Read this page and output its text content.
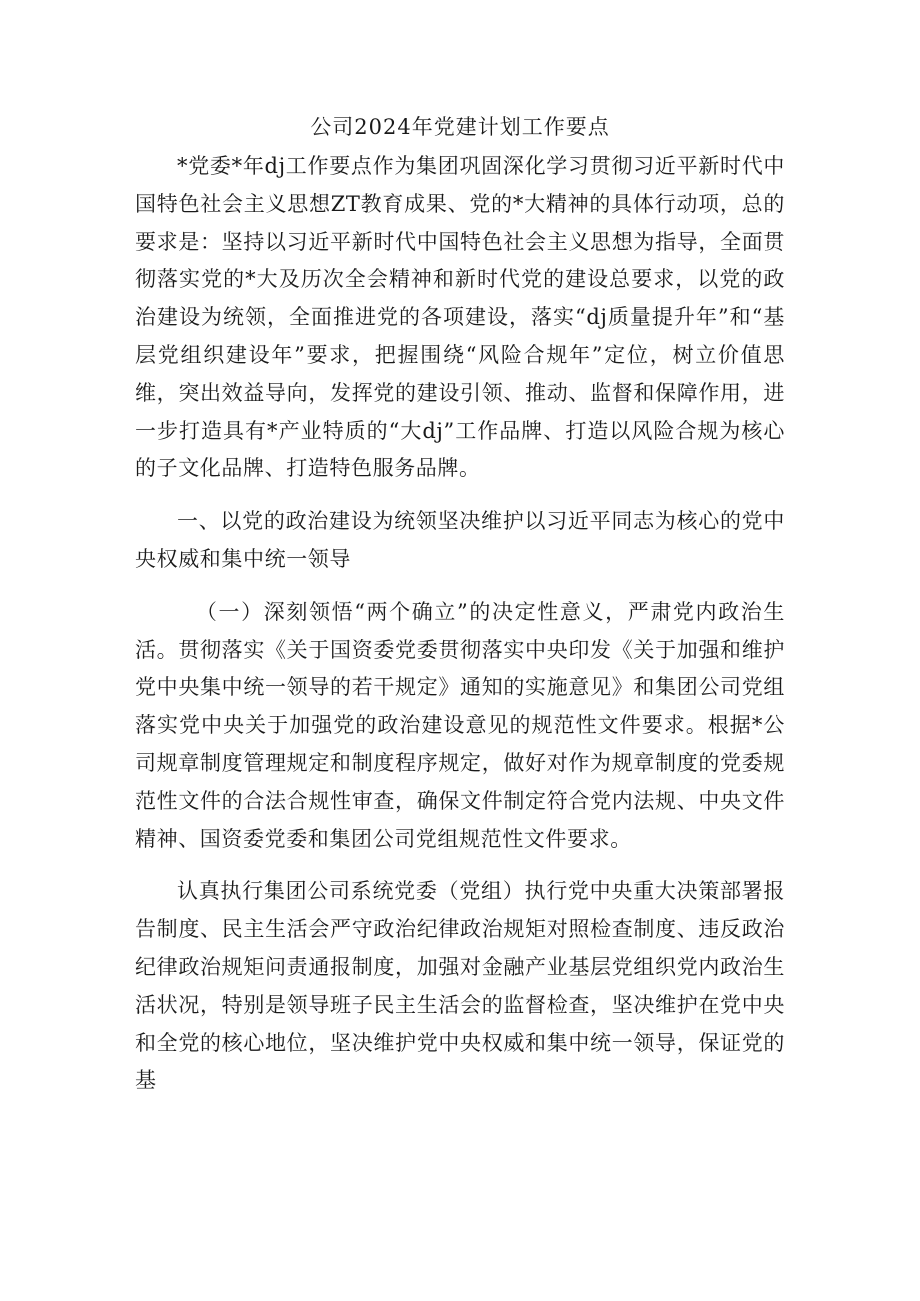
公司2024年党建计划工作要点

*党委*年dj工作要点作为集团巩固深化学习贯彻习近平新时代中国特色社会主义思想ZT教育成果、党的*大精神的具体行动项，总的要求是：坚持以习近平新时代中国特色社会主义思想为指导，全面贯彻落实党的*大及历次全会精神和新时代党的建设总要求，以党的政治建设为统领，全面推进党的各项建设，落实“dj质量提升年”和“基层党组织建设年”要求，把握围绕“风险合规年”定位，树立价值思维，突出效益导向，发挥党的建设引领、推动、监督和保障作用，进一步打造具有*产业特质的“大dj”工作品牌、打造以风险合规为核心的子文化品牌、打造特色服务品牌。

一、以党的政治建设为统领坚决维护以习近平同志为核心的党中央权威和集中统一领导

（一）深刻领悟“两个确立”的决定性意义，严肃党内政治生活。贯彻落实《关于国资委党委贯彻落实中央印发《关于加强和维护党中央集中统一领导的若干规定》通知的实施意见》和集团公司党组落实党中央关于加强党的政治建设意见的规范性文件要求。根据*公司规章制度管理规定和制度程序规定，做好对作为规章制度的党委规范性文件的合法合规性审查，确保文件制定符合党内法规、中央文件精神、国资委党委和集团公司党组规范性文件要求。

认真执行集团公司系统党委（党组）执行党中央重大决策部署报告制度、民主生活会严守政治纪律政治规矩对照检查制度、违反政治纪律政治规矩问责通报制度，加强对金融产业基层党组织党内政治生活状况，特别是领导班子民主生活会的监督检查，坚决维护在党中央和全党的核心地位，坚决维护党中央权威和集中统一领导，保证党的基
